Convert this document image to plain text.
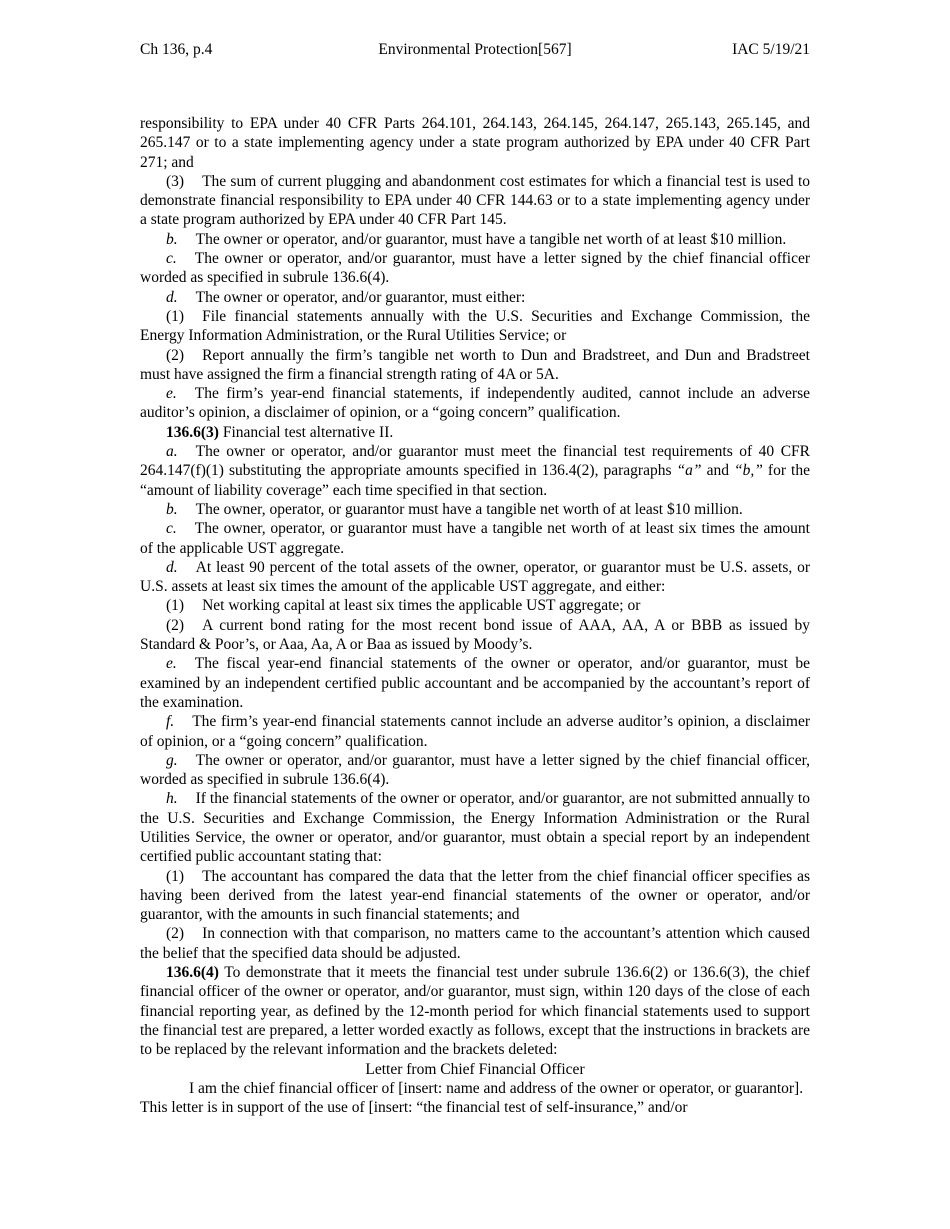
Ch 136, p.4	Environmental Protection[567]	IAC 5/19/21

responsibility to EPA under 40 CFR Parts 264.101, 264.143, 264.145, 264.147, 265.143, 265.145, and 265.147 or to a state implementing agency under a state program authorized by EPA under 40 CFR Part 271; and

(3) The sum of current plugging and abandonment cost estimates for which a financial test is used to demonstrate financial responsibility to EPA under 40 CFR 144.63 or to a state implementing agency under a state program authorized by EPA under 40 CFR Part 145.

b. The owner or operator, and/or guarantor, must have a tangible net worth of at least $10 million.

c. The owner or operator, and/or guarantor, must have a letter signed by the chief financial officer worded as specified in subrule 136.6(4).

d. The owner or operator, and/or guarantor, must either:

(1) File financial statements annually with the U.S. Securities and Exchange Commission, the Energy Information Administration, or the Rural Utilities Service; or

(2) Report annually the firm’s tangible net worth to Dun and Bradstreet, and Dun and Bradstreet must have assigned the firm a financial strength rating of 4A or 5A.

e. The firm’s year-end financial statements, if independently audited, cannot include an adverse auditor’s opinion, a disclaimer of opinion, or a “going concern” qualification.

136.6(3) Financial test alternative II.

a. The owner or operator, and/or guarantor must meet the financial test requirements of 40 CFR 264.147(f)(1) substituting the appropriate amounts specified in 136.4(2), paragraphs “a” and “b,” for the “amount of liability coverage” each time specified in that section.

b. The owner, operator, or guarantor must have a tangible net worth of at least $10 million.

c. The owner, operator, or guarantor must have a tangible net worth of at least six times the amount of the applicable UST aggregate.

d. At least 90 percent of the total assets of the owner, operator, or guarantor must be U.S. assets, or U.S. assets at least six times the amount of the applicable UST aggregate, and either:

(1) Net working capital at least six times the applicable UST aggregate; or

(2) A current bond rating for the most recent bond issue of AAA, AA, A or BBB as issued by Standard & Poor’s, or Aaa, Aa, A or Baa as issued by Moody’s.

e. The fiscal year-end financial statements of the owner or operator, and/or guarantor, must be examined by an independent certified public accountant and be accompanied by the accountant’s report of the examination.

f. The firm’s year-end financial statements cannot include an adverse auditor’s opinion, a disclaimer of opinion, or a “going concern” qualification.

g. The owner or operator, and/or guarantor, must have a letter signed by the chief financial officer, worded as specified in subrule 136.6(4).

h. If the financial statements of the owner or operator, and/or guarantor, are not submitted annually to the U.S. Securities and Exchange Commission, the Energy Information Administration or the Rural Utilities Service, the owner or operator, and/or guarantor, must obtain a special report by an independent certified public accountant stating that:

(1) The accountant has compared the data that the letter from the chief financial officer specifies as having been derived from the latest year-end financial statements of the owner or operator, and/or guarantor, with the amounts in such financial statements; and

(2) In connection with that comparison, no matters came to the accountant’s attention which caused the belief that the specified data should be adjusted.

136.6(4) To demonstrate that it meets the financial test under subrule 136.6(2) or 136.6(3), the chief financial officer of the owner or operator, and/or guarantor, must sign, within 120 days of the close of each financial reporting year, as defined by the 12-month period for which financial statements used to support the financial test are prepared, a letter worded exactly as follows, except that the instructions in brackets are to be replaced by the relevant information and the brackets deleted:

Letter from Chief Financial Officer

I am the chief financial officer of [insert: name and address of the owner or operator, or guarantor]. This letter is in support of the use of [insert: “the financial test of self-insurance,” and/or
